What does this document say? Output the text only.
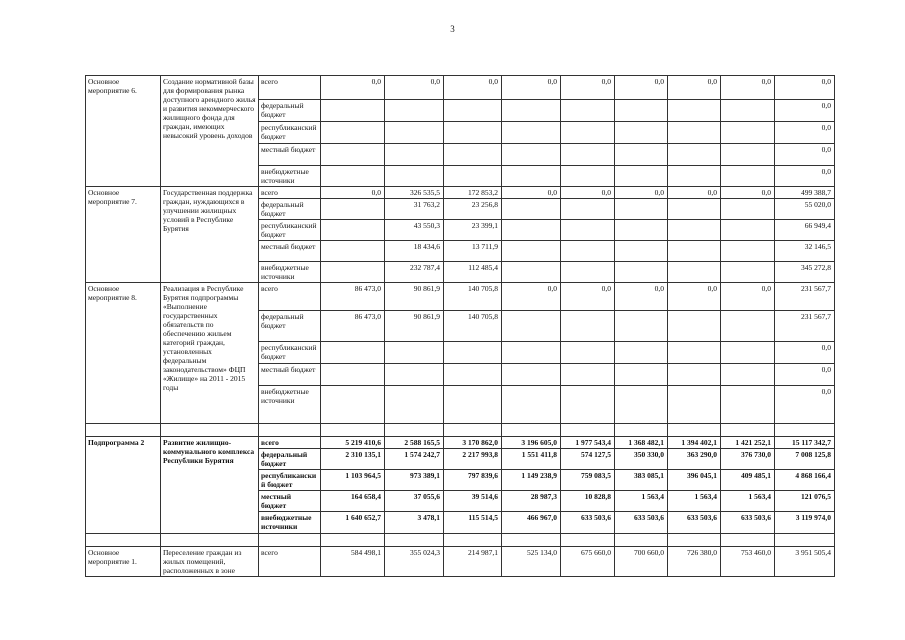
3
Основное мероприятие 6.	Создание нормативной базы для формирования рынка доступного арендного жилья и развития некоммерческого жилищного фонда для граждан, имеющих невысокий уровень доходов	всего	0,0	0,0	0,0	0,0	0,0	0,0	0,0	0,0	0,0
		федеральный бюджет									0,0
		республиканский бюджет									0,0
		местный бюджет									0,0
		внебюджетные источники									0,0
Основное мероприятие 7.	Государственная поддержка граждан, нуждающихся в улучшении жилищных условий в Республике Бурятия	всего	0,0	326 535,5	172 853,2	0,0	0,0	0,0	0,0	0,0	499 388,7
		федеральный бюджет		31 763,2	23 256,8						55 020,0
		республиканский бюджет		43 550,3	23 399,1						66 949,4
		местный бюджет		18 434,6	13 711,9						32 146,5
		внебюджетные источники		232 787,4	112 485,4						345 272,8
Основное мероприятие 8.	Реализация в Республике Бурятия подпрограммы «Выполнение государственных обязательств по обеспечению жильем категорий граждан, установленных федеральным законодательством» ФЦП «Жилище» на 2011 - 2015 годы	всего	86 473,0	90 861,9	140 705,8	0,0	0,0	0,0	0,0	0,0	231 567,7
		федеральный бюджет	86 473,0	90 861,9	140 705,8						231 567,7
		республиканский бюджет									0,0
		местный бюджет									0,0
		внебюджетные источники									0,0

Подпрограмма 2	Развитие жилищно-коммунального комплекса Республики Бурятия	всего	5 219 410,6	2 588 165,5	3 170 862,0	3 196 605,0	1 977 543,4	1 368 482,1	1 394 402,1	1 421 252,1	15 117 342,7
		федеральный бюджет	2 310 135,1	1 574 242,7	2 217 993,8	1 551 411,8	574 127,5	350 330,0	363 290,0	376 730,0	7 008 125,8
		республиканский бюджет	1 103 964,5	973 389,1	797 839,6	1 149 238,9	759 083,5	383 085,1	396 045,1	409 485,1	4 868 166,4
		местный бюджет	164 658,4	37 055,6	39 514,6	28 987,3	10 828,8	1 563,4	1 563,4	1 563,4	121 076,5
		внебюджетные источники	1 640 652,7	3 478,1	115 514,5	466 967,0	633 503,6	633 503,6	633 503,6	633 503,6	3 119 974,0

Основное мероприятие 1.	Переселение граждан из жилых помещений, расположенных в зоне	всего	584 498,1	355 024,3	214 987,1	525 134,0	675 660,0	700 660,0	726 380,0	753 460,0	3 951 505,4
